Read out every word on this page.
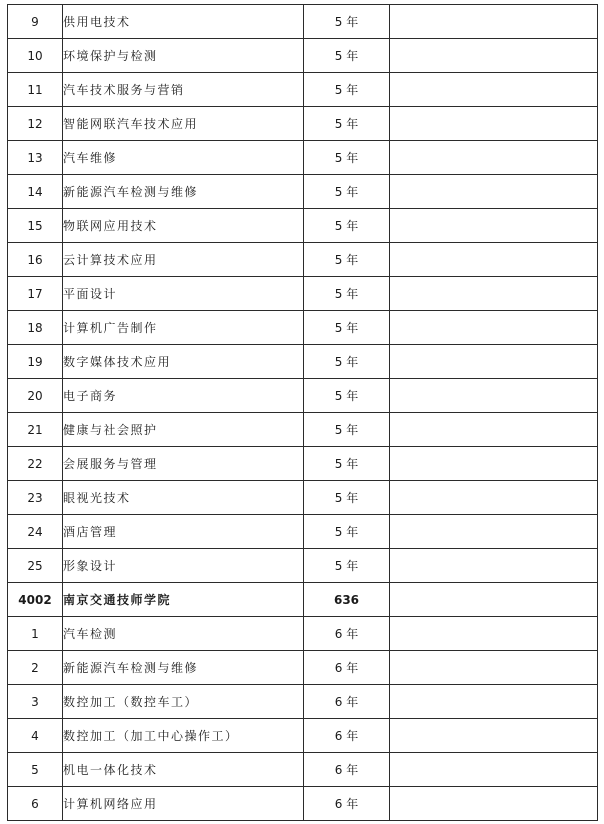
9	供用电技术	5 年	
10	环境保护与检测	5 年	
11	汽车技术服务与营销	5 年	
12	智能网联汽车技术应用	5 年	
13	汽车维修	5 年	
14	新能源汽车检测与维修	5 年	
15	物联网应用技术	5 年	
16	云计算技术应用	5 年	
17	平面设计	5 年	
18	计算机广告制作	5 年	
19	数字媒体技术应用	5 年	
20	电子商务	5 年	
21	健康与社会照护	5 年	
22	会展服务与管理	5 年	
23	眼视光技术	5 年	
24	酒店管理	5 年	
25	形象设计	5 年	
4002	南京交通技师学院	636	
1	汽车检测	6 年	
2	新能源汽车检测与维修	6 年	
3	数控加工（数控车工）	6 年	
4	数控加工（加工中心操作工）	6 年	
5	机电一体化技术	6 年	
6	计算机网络应用	6 年	
